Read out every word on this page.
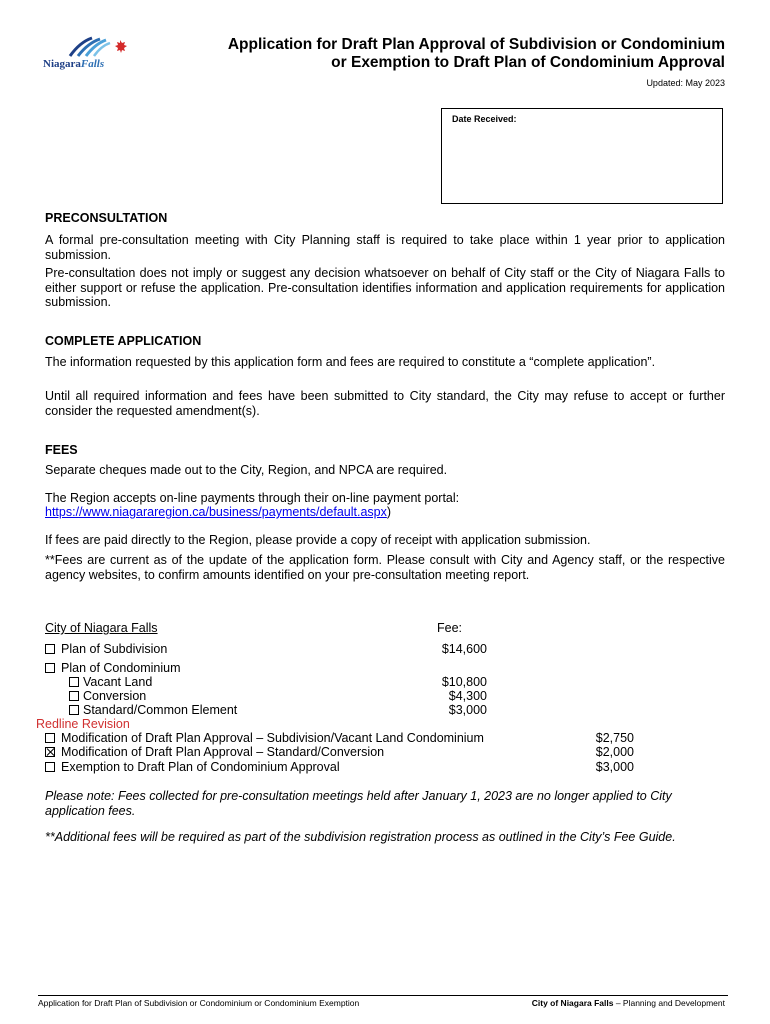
NiagaraFalls
Application for Draft Plan Approval of Subdivision or Condominium
or Exemption to Draft Plan of Condominium Approval
Updated: May 2023
Date Received:
PRECONSULTATION
A formal pre-consultation meeting with City Planning staff is required to take place within 1 year prior to application submission.
Pre-consultation does not imply or suggest any decision whatsoever on behalf of City staff or the City of Niagara Falls to either support or refuse the application. Pre-consultation identifies information and application requirements for application submission.
COMPLETE APPLICATION
The information requested by this application form and fees are required to constitute a “complete application”.
Until all required information and fees have been submitted to City standard, the City may refuse to accept or further consider the requested amendment(s).
FEES
Separate cheques made out to the City, Region, and NPCA are required.
The Region accepts on-line payments through their on-line payment portal:
https://www.niagararegion.ca/business/payments/default.aspx)
If fees are paid directly to the Region, please provide a copy of receipt with application submission.
**Fees are current as of the update of the application form. Please consult with City and Agency staff, or the respective agency websites, to confirm amounts identified on your pre-consultation meeting report.
City of Niagara Falls	Fee:
Plan of Subdivision	$14,600
Plan of Condominium
Vacant Land	$10,800
Conversion	$4,300
Standard/Common Element	$3,000
Redline Revision
Modification of Draft Plan Approval – Subdivision/Vacant Land Condominium	$2,750
Modification of Draft Plan Approval – Standard/Conversion	$2,000
Exemption to Draft Plan of Condominium Approval	$3,000
Please note: Fees collected for pre-consultation meetings held after January 1, 2023 are no longer applied to City application fees.
**Additional fees will be required as part of the subdivision registration process as outlined in the City’s Fee Guide.
Application for Draft Plan of Subdivision or Condominium or Condominium Exemption	City of Niagara Falls – Planning and Development
